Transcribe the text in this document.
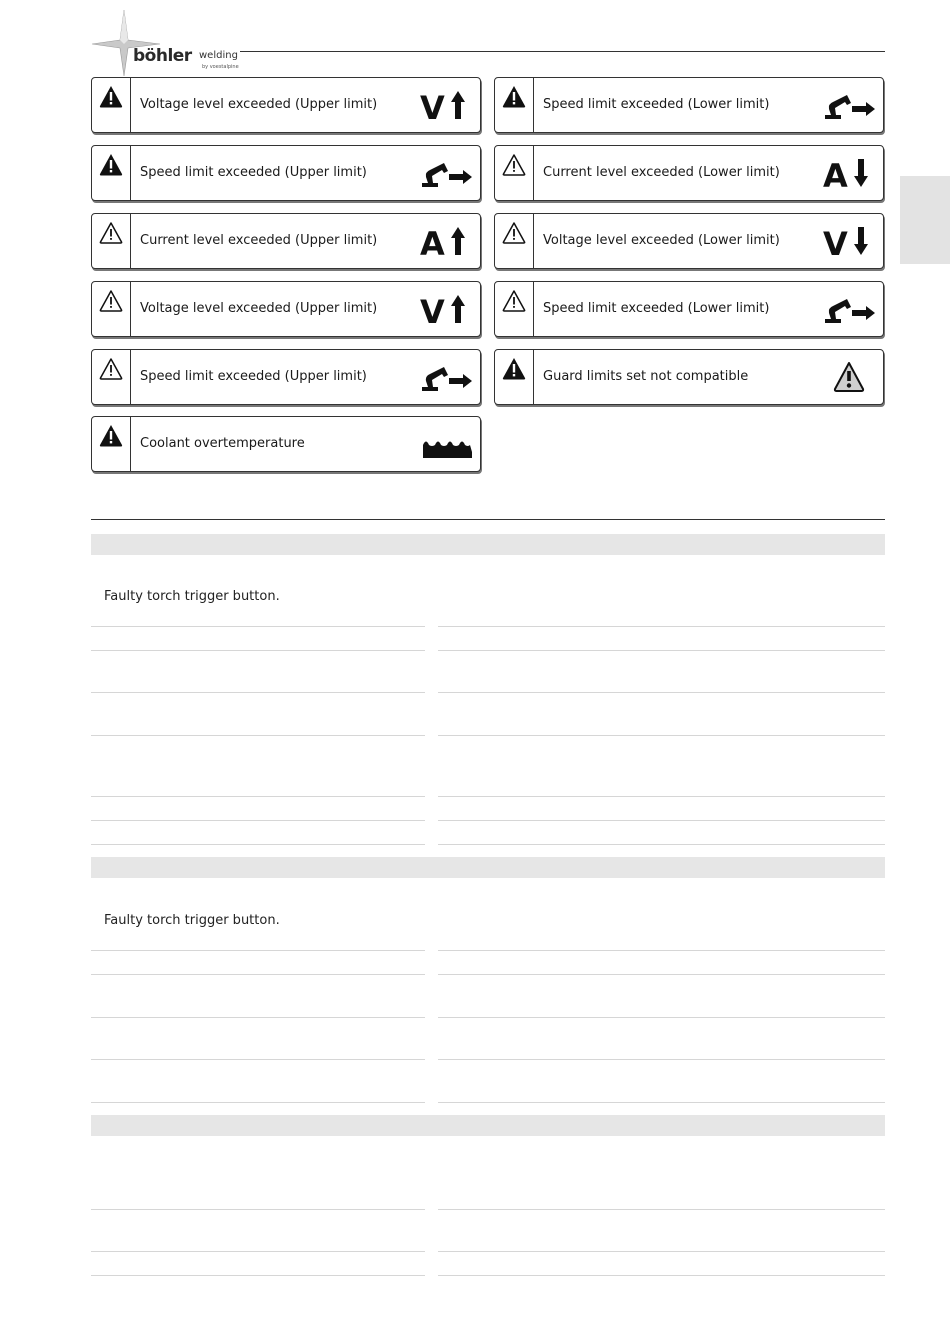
böhler welding
by voestalpine
Voltage level exceeded (Upper limit) V	Speed limit exceeded (Lower limit)
Speed limit exceeded (Upper limit)	Current level exceeded (Lower limit) A
Current level exceeded (Upper limit) A	Voltage level exceeded (Lower limit) V
Voltage level exceeded (Upper limit) V	Speed limit exceeded (Lower limit)
Speed limit exceeded (Upper limit)	Guard limits set not compatible
Coolant overtemperature
Faulty torch trigger button.
Faulty torch trigger button.
